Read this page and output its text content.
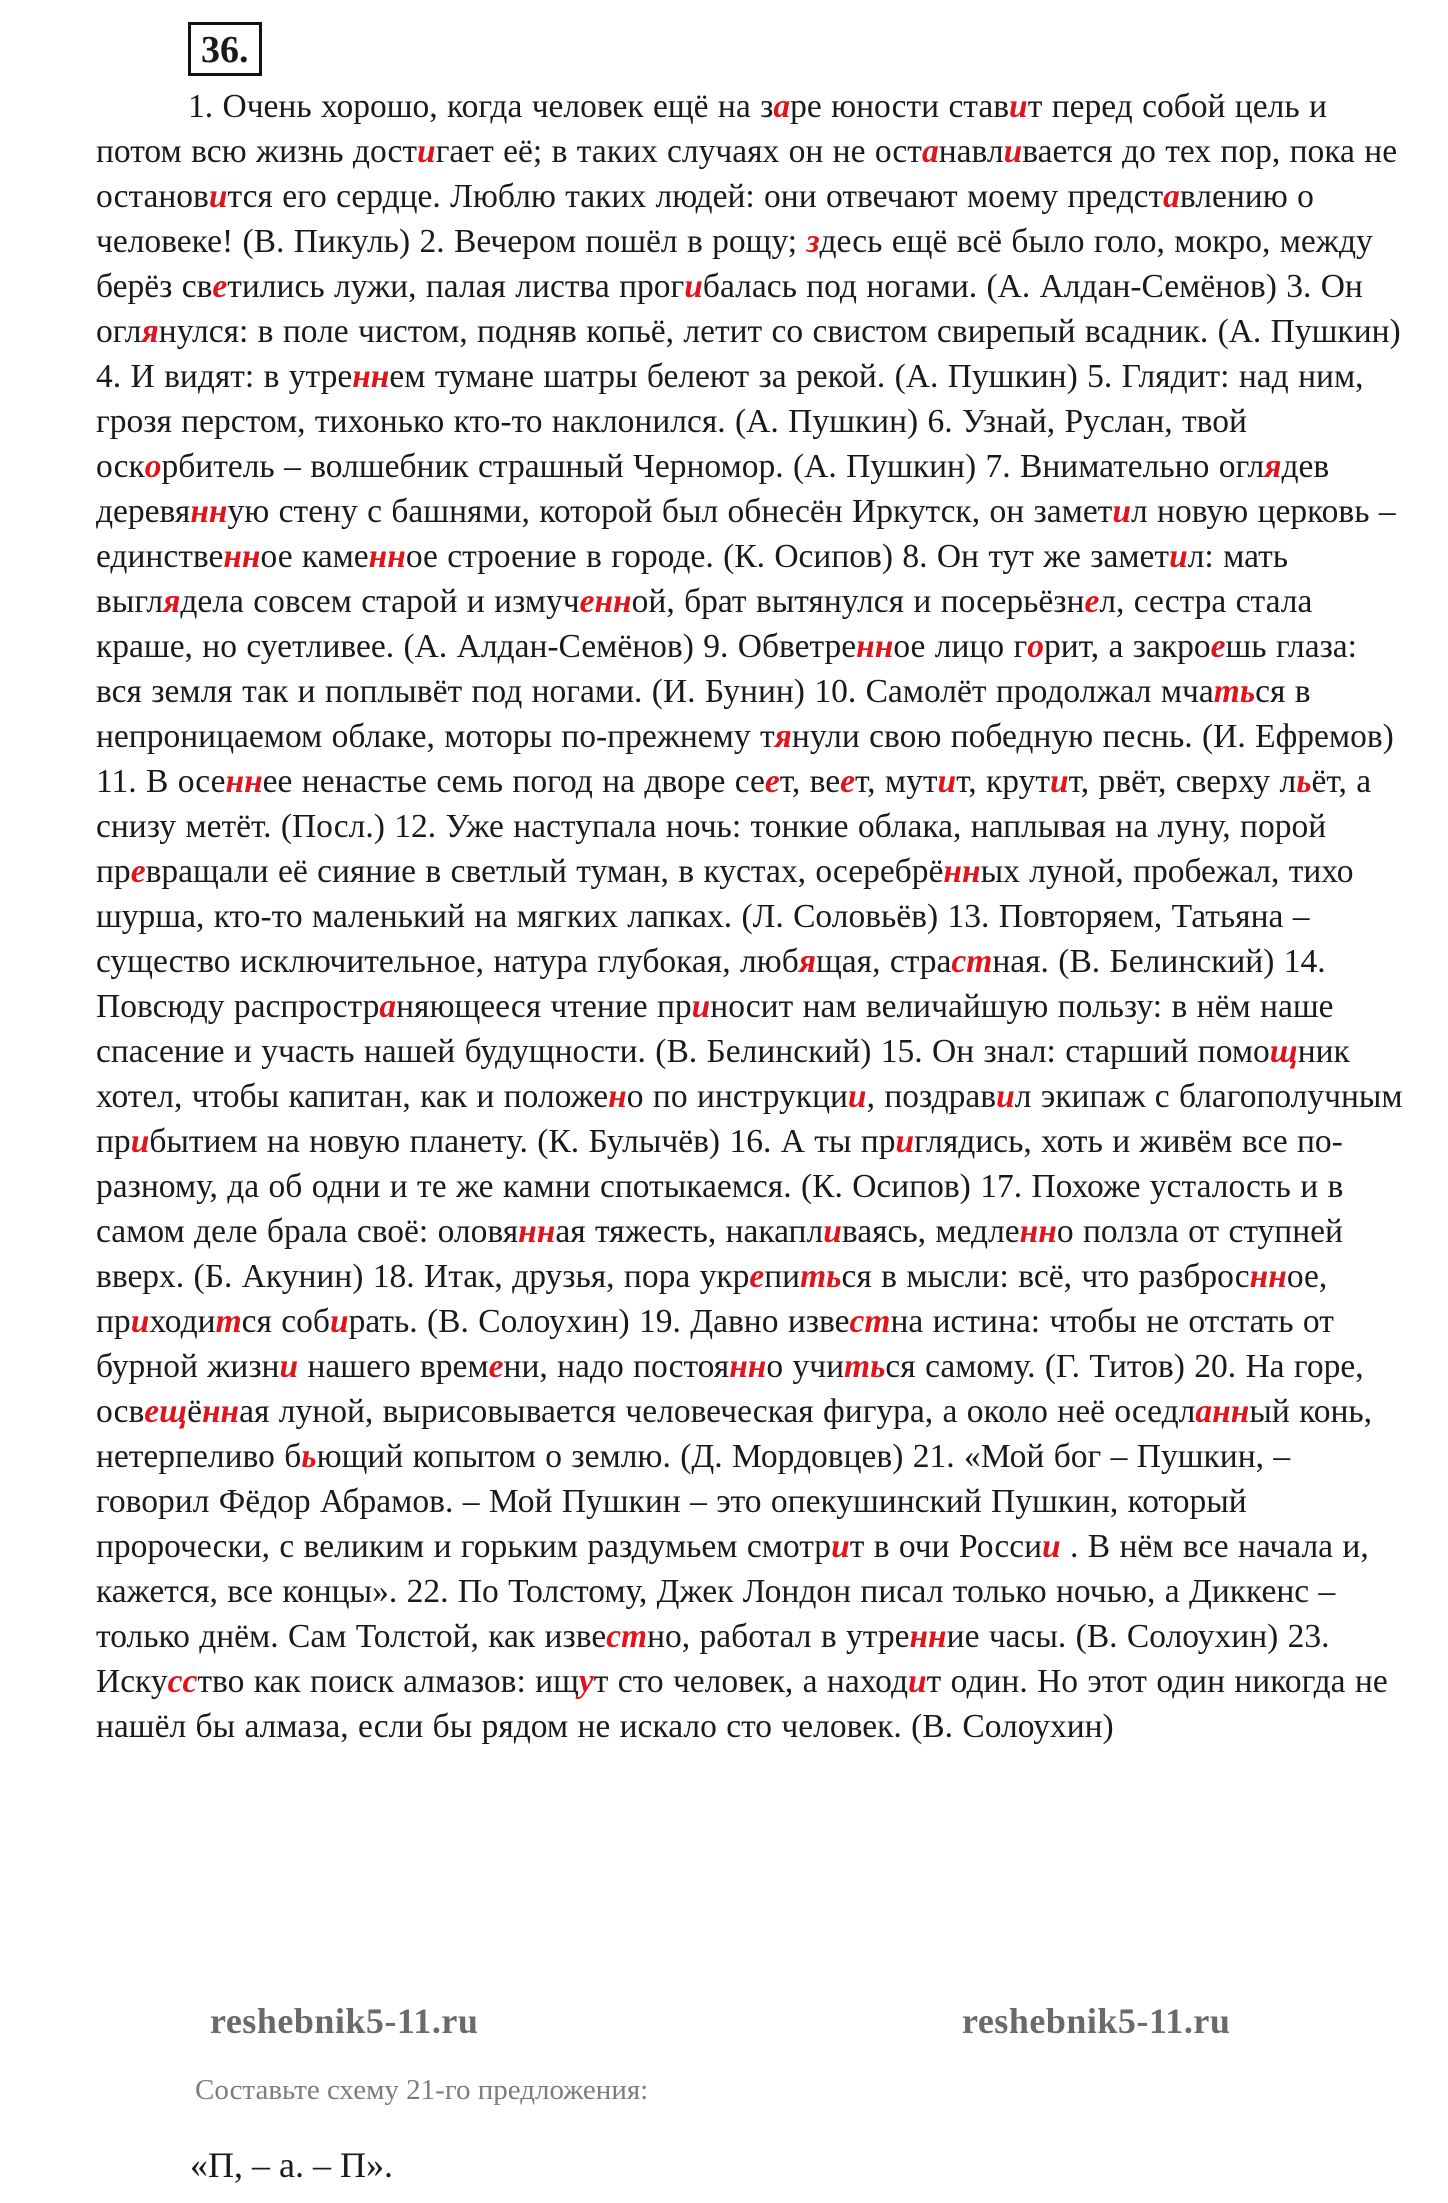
36.

1. Очень хорошо, когда человек ещё на заре юности ставит перед собой цель и потом всю жизнь достигает её; в таких случаях он не останавливается до тех пор, пока не остановится его сердце. Люблю таких людей: они отвечают моему представлению о человеке! (В. Пикуль) 2. Вечером пошёл в рощу; здесь ещё всё было голо, мокро, между берёз светились лужи, палая листва прогибалась под ногами. (А. Алдан-Семёнов) 3. Он оглянулся: в поле чистом, подняв копьё, летит со свистом свирепый всадник. (А. Пушкин) 4. И видят: в утреннем тумане шатры белеют за рекой. (А. Пушкин) 5. Глядит: над ним, грозя перстом, тихонько кто-то наклонился. (А. Пушкин) 6. Узнай, Руслан, твой оскорбитель – волшебник страшный Черномор. (А. Пушкин) 7. Внимательно оглядев деревянную стену с башнями, которой был обнесён Иркутск, он заметил новую церковь – единственное каменное строение в городе. (К. Осипов) 8. Он тут же заметил: мать выглядела совсем старой и измученной, брат вытянулся и посерьёзнел, сестра стала краше, но суетливее. (А. Алдан-Семёнов) 9. Обветренное лицо горит, а закроешь глаза: вся земля так и поплывёт под ногами. (И. Бунин) 10. Самолёт продолжал мчаться в непроницаемом облаке, моторы по-прежнему тянули свою победную песнь. (И. Ефремов) 11. В осеннее ненастье семь погод на дворе сеет, веет, мутит, крутит, рвёт, сверху льёт, а снизу метёт. (Посл.) 12. Уже наступала ночь: тонкие облака, наплывая на луну, порой превращали её сияние в светлый туман, в кустах, осеребрённых луной, пробежал, тихо шурша, кто-то маленький на мягких лапках. (Л. Соловьёв) 13. Повторяем, Татьяна – существо исключительное, натура глубокая, любящая, страстная. (В. Белинский) 14. Повсюду распространяющееся чтение приносит нам величайшую пользу: в нём наше спасение и участь нашей будущности. (В. Белинский) 15. Он знал: старший помощник хотел, чтобы капитан, как и положено по инструкции, поздравил экипаж с благополучным прибытием на новую планету. (К. Булычёв) 16. А ты приглядись, хоть и живём все по-разному, да об одни и те же камни спотыкаемся. (К. Осипов) 17. Похоже усталость и в самом деле брала своё: оловянная тяжесть, накапливаясь, медленно ползла от ступней вверх. (Б. Акунин) 18. Итак, друзья, пора укрепиться в мысли: всё, что разброснное, приходится собирать. (В. Солоухин) 19. Давно известна истина: чтобы не отстать от бурной жизни нашего времени, надо постоянно учиться самому. (Г. Титов) 20. На горе, освещённая луной, вырисовывается человеческая фигура, а около неё оседланный конь, нетерпеливо бьющий копытом о землю. (Д. Мордовцев) 21. «Мой бог – Пушкин, – говорил Фёдор Абрамов. – Мой Пушкин – это опекушинский Пушкин, который пророчески, с великим и горьким раздумьем смотрит в очи России . В нём все начала и, кажется, все концы». 22. По Толстому, Джек Лондон писал только ночью, а Диккенс – только днём. Сам Толстой, как известно, работал в утренние часы. (В. Солоухин) 23. Искусство как поиск алмазов: ищут сто человек, а находит один. Но этот один никогда не нашёл бы алмаза, если бы рядом не искало сто человек. (В. Солоухин)

reshebnik5-11.ru	reshebnik5-11.ru
Составьте схему 21-го предложения:
«П, – а. – П».
